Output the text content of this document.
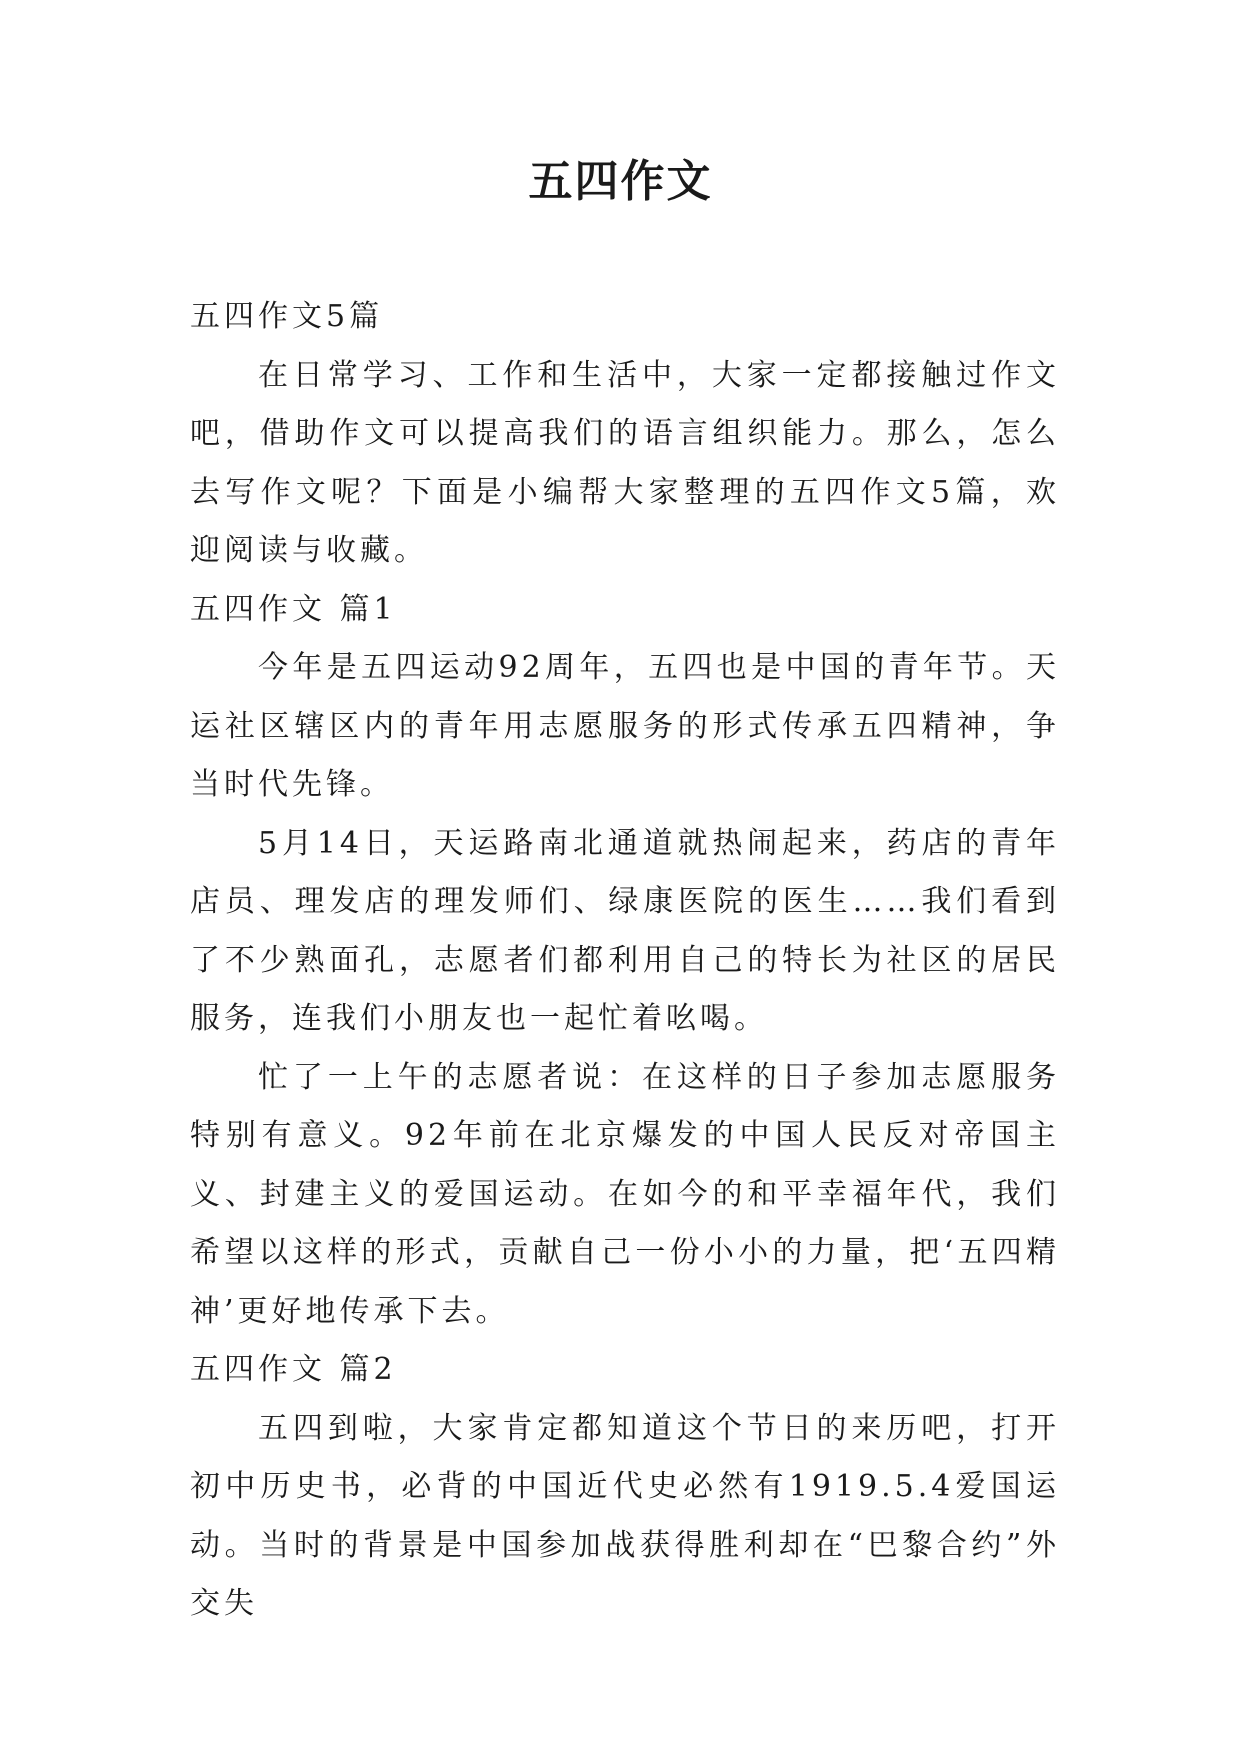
五四作文

五四作文5篇

在日常学习、工作和生活中，大家一定都接触过作文吧，借助作文可以提高我们的语言组织能力。那么，怎么去写作文呢？下面是小编帮大家整理的五四作文5篇，欢迎阅读与收藏。

五四作文 篇1

今年是五四运动92周年，五四也是中国的青年节。天运社区辖区内的青年用志愿服务的形式传承五四精神，争当时代先锋。

5月14日，天运路南北通道就热闹起来，药店的青年店员、理发店的理发师们、绿康医院的医生……我们看到了不少熟面孔，志愿者们都利用自己的特长为社区的居民服务，连我们小朋友也一起忙着吆喝。

忙了一上午的志愿者说：在这样的日子参加志愿服务特别有意义。92年前在北京爆发的中国人民反对帝国主义、封建主义的爱国运动。在如今的和平幸福年代，我们希望以这样的形式，贡献自己一份小小的力量，把‘五四精神’更好地传承下去。

五四作文 篇2

五四到啦，大家肯定都知道这个节日的来历吧，打开初中历史书，必背的中国近代史必然有1919.5.4爱国运动。当时的背景是中国参加战获得胜利却在“巴黎合约”外交失
